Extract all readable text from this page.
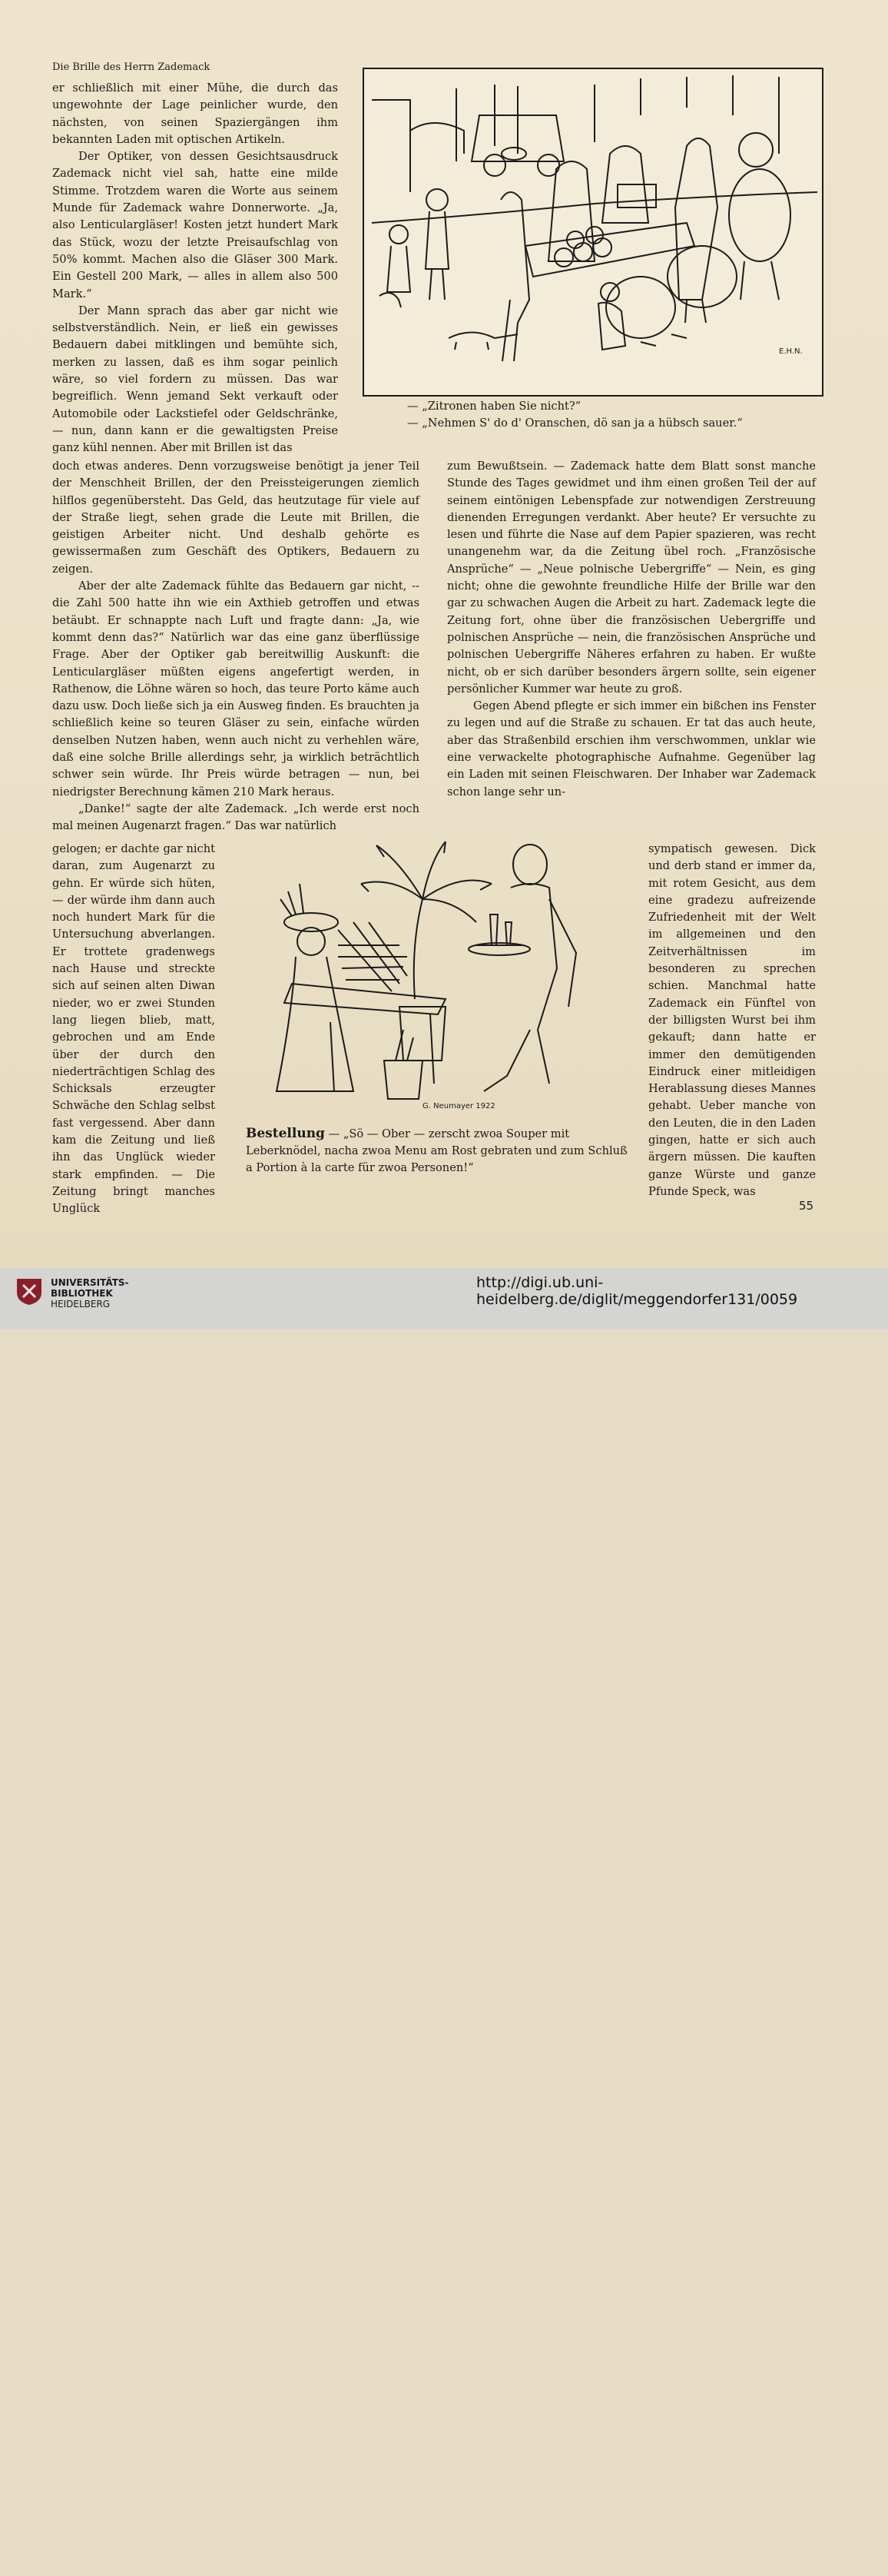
Die Brille des Herrn Zademack
E.H.N.
— „Zitronen haben Sie nicht?“
— „Nehmen S' do d' Oranschen, dö san ja a hübsch sauer.“

er schließlich mit einer Mühe, die durch das ungewohnte der Lage peinlicher wurde, den nächsten, von seinen Spaziergängen ihm bekannten Laden mit optischen Artikeln.

Der Optiker, von dessen Gesichtsausdruck Zademack nicht viel sah, hatte eine milde Stimme. Trotzdem waren die Worte aus seinem Munde für Zademack wahre Donnerworte. „Ja, also Lenticulargläser! Kosten jetzt hundert Mark das Stück, wozu der letzte Preisaufschlag von 50% kommt. Machen also die Gläser 300 Mark. Ein Gestell 200 Mark, — alles in allem also 500 Mark.“

Der Mann sprach das aber gar nicht wie selbstverständlich. Nein, er ließ ein gewisses Bedauern dabei mitklingen und bemühte sich, merken zu lassen, daß es ihm sogar peinlich wäre, so viel fordern zu müssen. Das war begreiflich. Wenn jemand Sekt verkauft oder Automobile oder Lackstiefel oder Geldschränke, — nun, dann kann er die gewaltigsten Preise ganz kühl nennen. Aber mit Brillen ist das

doch etwas anderes. Denn vorzugsweise benötigt ja jener Teil der Menschheit Brillen, der den Preissteigerungen ziemlich hilflos gegenübersteht. Das Geld, das heutzutage für viele auf der Straße liegt, sehen grade die Leute mit Brillen, die geistigen Arbeiter nicht. Und deshalb gehörte es gewissermaßen zum Geschäft des Optikers, Bedauern zu zeigen.

Aber der alte Zademack fühlte das Bedauern gar nicht, -- die Zahl 500 hatte ihn wie ein Axthieb getroffen und etwas betäubt. Er schnappte nach Luft und fragte dann: „Ja, wie kommt denn das?“ Natürlich war das eine ganz überflüssige Frage. Aber der Optiker gab bereitwillig Auskunft: die Lenticulargläser müßten eigens angefertigt werden, in Rathenow, die Löhne wären so hoch, das teure Porto käme auch dazu usw. Doch ließe sich ja ein Ausweg finden. Es brauchten ja schließlich keine so teuren Gläser zu sein, einfache würden denselben Nutzen haben, wenn auch nicht zu verhehlen wäre, daß eine solche Brille allerdings sehr, ja wirklich beträchtlich schwer sein würde. Ihr Preis würde betragen — nun, bei niedrigster Berechnung kämen 210 Mark heraus.

„Danke!“ sagte der alte Zademack. „Ich werde erst noch mal meinen Augenarzt fragen.“ Das war natürlich

zum Bewußtsein. — Zademack hatte dem Blatt sonst manche Stunde des Tages gewidmet und ihm einen großen Teil der auf seinem eintönigen Lebenspfade zur notwendigen Zerstreuung dienenden Erregungen verdankt. Aber heute? Er versuchte zu lesen und führte die Nase auf dem Papier spazieren, was recht unangenehm war, da die Zeitung übel roch. „Französische Ansprüche“ — „Neue polnische Uebergriffe“ — Nein, es ging nicht; ohne die gewohnte freundliche Hilfe der Brille war den gar zu schwachen Augen die Arbeit zu hart. Zademack legte die Zeitung fort, ohne über die französischen Uebergriffe und polnischen Ansprüche — nein, die französischen Ansprüche und polnischen Uebergriffe Näheres erfahren zu haben. Er wußte nicht, ob er sich darüber besonders ärgern sollte, sein eigener persönlicher Kummer war heute zu groß.

Gegen Abend pflegte er sich immer ein bißchen ins Fenster zu legen und auf die Straße zu schauen. Er tat das auch heute, aber das Straßenbild erschien ihm verschwommen, unklar wie eine verwackelte photographische Aufnahme. Gegenüber lag ein Laden mit seinen Fleischwaren. Der Inhaber war Zademack schon lange sehr un-

gelogen; er dachte gar nicht daran, zum Augenarzt zu gehn. Er würde sich hüten, — der würde ihm dann auch noch hundert Mark für die Untersuchung abverlangen. Er trottete gradenwegs nach Hause und streckte sich auf seinen alten Diwan nieder, wo er zwei Stunden lang liegen blieb, matt, gebrochen und am Ende über der durch den niederträchtigen Schlag des Schicksals erzeugter Schwäche den Schlag selbst fast vergessend. Aber dann kam die Zeitung und ließ ihn das Unglück wieder stark empfinden. — Die Zeitung bringt manches Unglück

sympatisch gewesen. Dick und derb stand er immer da, mit rotem Gesicht, aus dem eine gradezu aufreizende Zufriedenheit mit der Welt im allgemeinen und den Zeitverhältnissen im besonderen zu sprechen schien. Manchmal hatte Zademack ein Fünftel von der billigsten Wurst bei ihm gekauft; dann hatte er immer den demütigenden Eindruck einer mitleidigen Herablassung dieses Mannes gehabt. Ueber manche von den Leuten, die in den Laden gingen, hatte er sich auch ärgern müssen. Die kauften ganze Würste und ganze Pfunde Speck, was

G. Neumayer 1922
Bestellung — „Sö — Ober — zerscht zwoa Souper mit Leberknödel, nacha zwoa Menu am Rost gebraten und zum Schluß a Portion à la carte für zwoa Personen!“
55
UNIVERSITÄTS-
BIBLIOTHEK
HEIDELBERG
http://digi.ub.uni-heidelberg.de/diglit/meggendorfer131/0059
